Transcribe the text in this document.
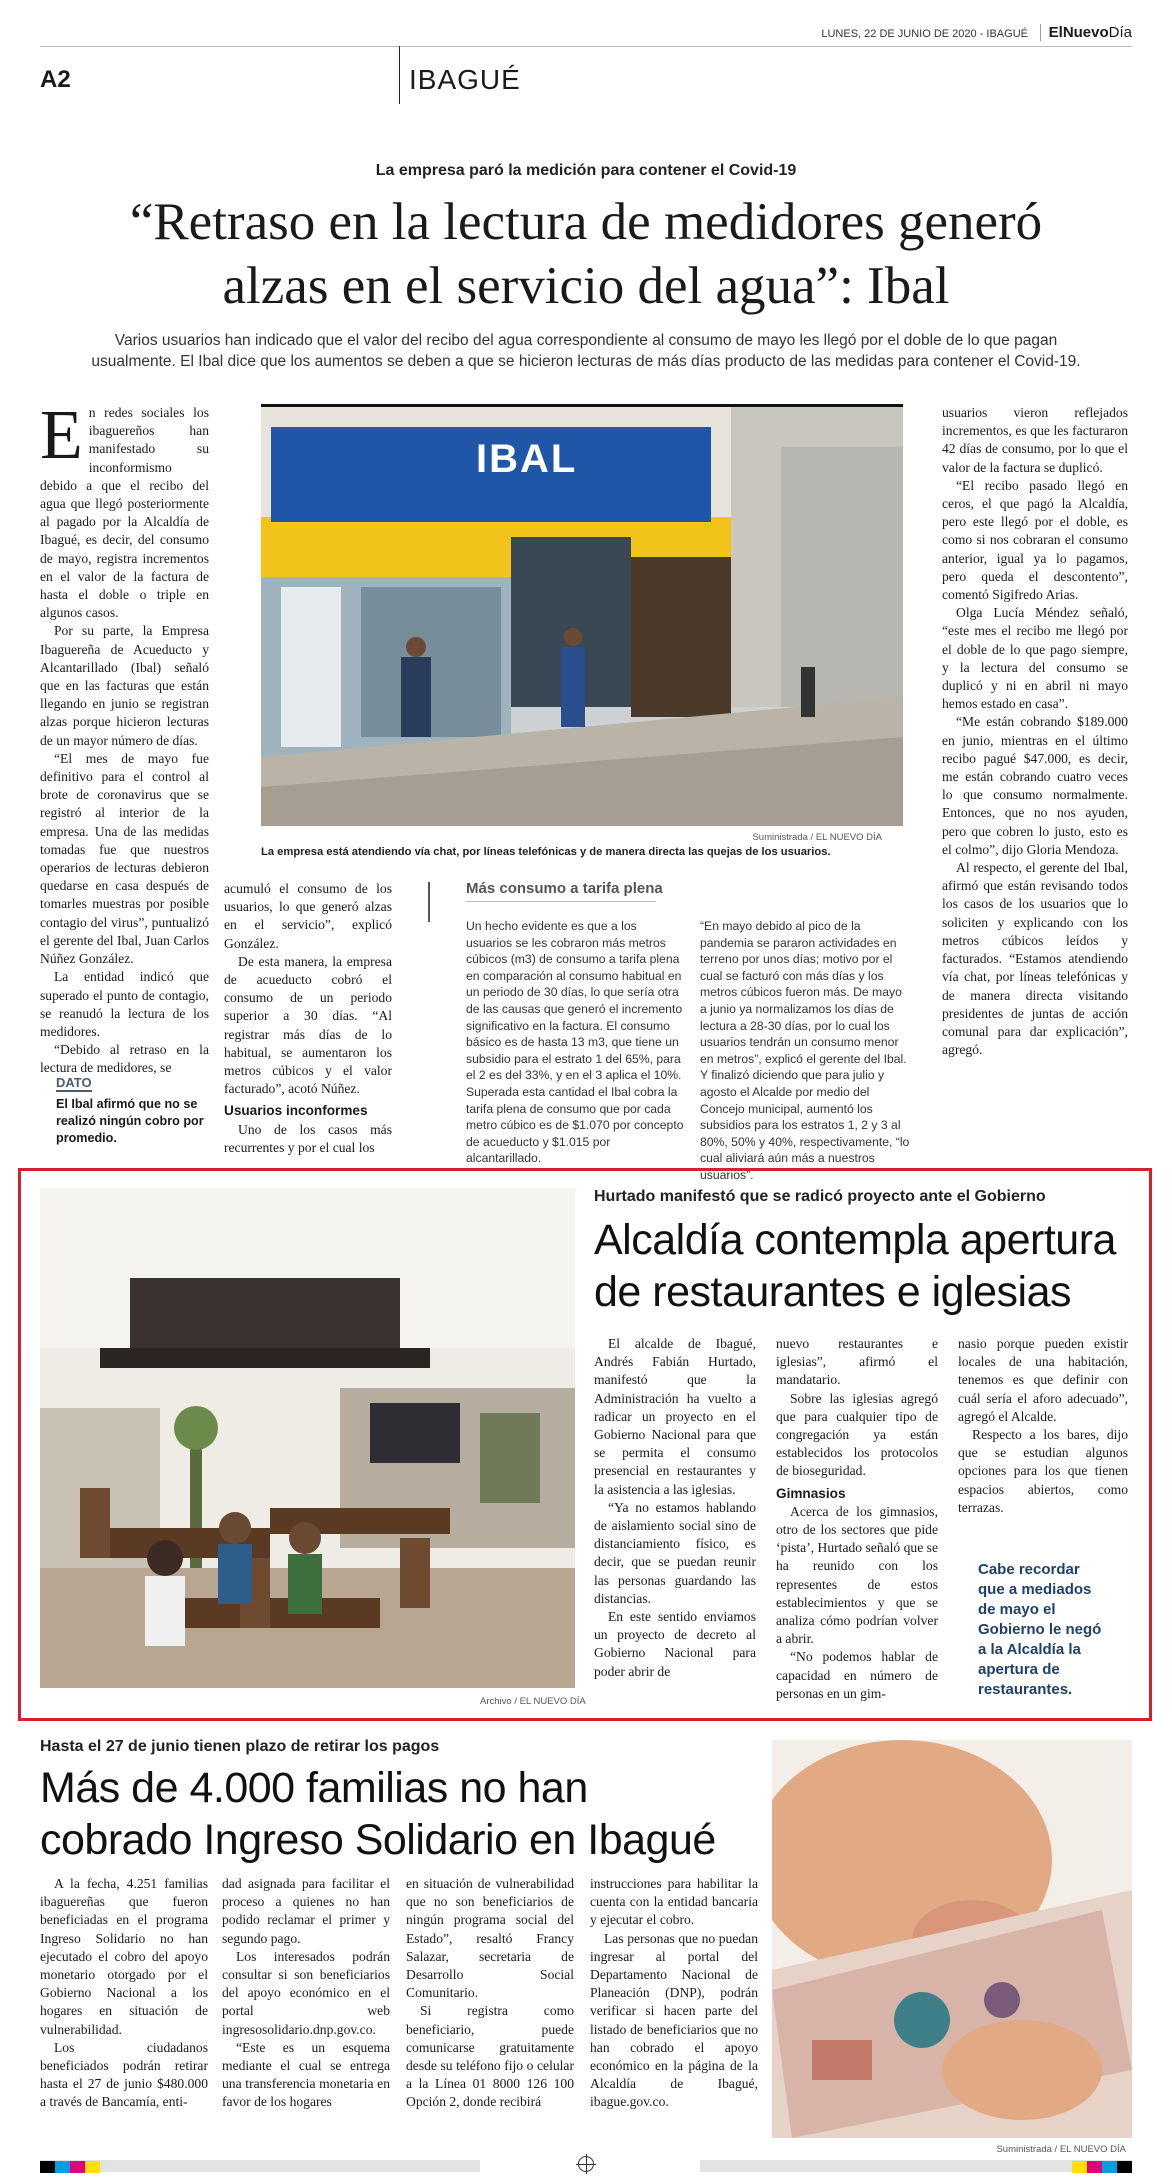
LUNES, 22 DE JUNIO DE 2020 - IBAGUÉ	ElNuevoDía
A2	IBAGUÉ
La empresa paró la medición para contener el Covid-19
“Retraso en la lectura de medidores generó
alzas en el servicio del agua”: Ibal
Varios usuarios han indicado que el valor del recibo del agua correspondiente al consumo de mayo les llegó por el doble de lo que pagan usualmente. El Ibal dice que los aumentos se deben a que se hicieron lecturas de más días producto de las medidas para contener el Covid-19.

En redes sociales los ibaguereños han manifestado su inconformismo debido a que el recibo del agua que llegó posteriormente al pagado por la Alcaldía de Ibagué, es decir, del consumo de mayo, registra incrementos en el valor de la factura de hasta el doble o triple en algunos casos.

Por su parte, la Empresa Ibaguereña de Acueducto y Alcantarillado (Ibal) señaló que en las facturas que están llegando en junio se registran alzas porque hicieron lecturas de un mayor número de días.

“El mes de mayo fue definitivo para el control al brote de coronavirus que se registró al interior de la empresa. Una de las medidas tomadas fue que nuestros operarios de lecturas debieron quedarse en casa después de tomarles muestras por posible contagio del virus”, puntualizó el gerente del Ibal, Juan Carlos Núñez González.

La entidad indicó que superado el punto de contagio, se reanudó la lectura de los medidores.

“Debido al retraso en la lectura de medidores, se

DATO
El Ibal afirmó que no se realizó ningún cobro por promedio.
IBAL
Suministrada / EL NUEVO DÍA
La empresa está atendiendo vía chat, por líneas telefónicas y de manera directa las quejas de los usuarios.

acumuló el consumo de los usuarios, lo que generó alzas en el servicio”, explicó González.

De esta manera, la empresa de acueducto cobró el consumo de un periodo superior a 30 días. “Al registrar más días de lo habitual, se aumentaron los metros cúbicos y el valor facturado”, acotó Núñez.

Usuarios inconformes

Uno de los casos más recurrentes y por el cual los

Más consumo a tarifa plena
Un hecho evidente es que a los usuarios se les cobraron más metros cúbicos (m3) de consumo a tarifa plena en comparación al consumo habitual en un periodo de 30 días, lo que sería otra de las causas que generó el incremento significativo en la factura. El consumo básico es de hasta 13 m3, que tiene un subsidio para el estrato 1 del 65%, para el 2 es del 33%, y en el 3 aplica el 10%. Superada esta cantidad el Ibal cobra la tarifa plena de consumo que por cada metro cúbico es de $1.070 por concepto de acueducto y $1.015 por alcantarillado.
“En mayo debido al pico de la pandemia se pararon actividades en terreno por unos días; motivo por el cual se facturó con más días y los metros cúbicos fueron más. De mayo a junio ya normalizamos los días de lectura a 28-30 días, por lo cual los usuarios tendrán un consumo menor en metros”, explicó el gerente del Ibal. Y finalizó diciendo que para julio y agosto el Alcalde por medio del Concejo municipal, aumentó los subsidios para los estratos 1, 2 y 3 al 80%, 50% y 40%, respectivamente, “lo cual aliviará aún más a nuestros usuarios”.

usuarios vieron reflejados incrementos, es que les facturaron 42 días de consumo, por lo que el valor de la factura se duplicó.

“El recibo pasado llegó en ceros, el que pagó la Alcaldía, pero este llegó por el doble, es como si nos cobraran el consumo anterior, igual ya lo pagamos, pero queda el descontento”, comentó Sigifredo Arias.

Olga Lucía Méndez señaló, “este mes el recibo me llegó por el doble de lo que pago siempre, y la lectura del consumo se duplicó y ni en abril ni mayo hemos estado en casa”.

“Me están cobrando $189.000 en junio, mientras en el último recibo pagué $47.000, es decir, me están cobrando cuatro veces lo que consumo normalmente. Entonces, que no nos ayuden, pero que cobren lo justo, esto es el colmo”, dijo Gloria Mendoza.

Al respecto, el gerente del Ibal, afirmó que están revisando todos los casos de los usuarios que lo soliciten y explicando con los metros cúbicos leídos y facturados. “Estamos atendiendo vía chat, por líneas telefónicas y de manera directa visitando presidentes de juntas de acción comunal para dar explicación”, agregó.

Archivo / EL NUEVO DÍA
Hurtado manifestó que se radicó proyecto ante el Gobierno
Alcaldía contempla apertura
de restaurantes e iglesias

El alcalde de Ibagué, Andrés Fabián Hurtado, manifestó que la Administración ha vuelto a radicar un proyecto en el Gobierno Nacional para que se permita el consumo presencial en restaurantes y la asistencia a las iglesias.

“Ya no estamos hablando de aislamiento social sino de distanciamiento físico, es decir, que se puedan reunir las personas guardando las distancias.

En este sentido enviamos un proyecto de decreto al Gobierno Nacional para poder abrir de

nuevo restaurantes e iglesias”, afirmó el mandatario.

Sobre las iglesias agregó que para cualquier tipo de congregación ya están establecidos los protocolos de bioseguridad.

Gimnasios

Acerca de los gimnasios, otro de los sectores que pide ‘pista’, Hurtado señaló que se ha reunido con los representes de estos establecimientos y que se analiza cómo podrían volver a abrir.

“No podemos hablar de capacidad en número de personas en un gim-

nasio porque pueden existir locales de una habitación, tenemos es que definir con cuál sería el aforo adecuado”, agregó el Alcalde.

Respecto a los bares, dijo que se estudian algunos opciones para los que tienen espacios abiertos, como terrazas.

Cabe recordar que a mediados de mayo el Gobierno le negó a la Alcaldía la apertura de restaurantes.
Hasta el 27 de junio tienen plazo de retirar los pagos
Más de 4.000 familias no han
cobrado Ingreso Solidario en Ibagué

A la fecha, 4.251 familias ibaguereñas que fueron beneficiadas en el programa Ingreso Solidario no han ejecutado el cobro del apoyo monetario otorgado por el Gobierno Nacional a los hogares en situación de vulnerabilidad.

Los ciudadanos beneficiados podrán retirar hasta el 27 de junio $480.000 a través de Bancamía, enti-

dad asignada para facilitar el proceso a quienes no han podido reclamar el primer y segundo pago.

Los interesados podrán consultar si son beneficiarios del apoyo económico en el portal web ingresosolidario.dnp.gov.co.

“Este es un esquema mediante el cual se entrega una transferencia monetaria en favor de los hogares

en situación de vulnerabilidad que no son beneficiarios de ningún programa social del Estado”, resaltó Francy Salazar, secretaria de Desarrollo Social Comunitario.

Si registra como beneficiario, puede comunicarse gratuitamente desde su teléfono fijo o celular a la Línea 01 8000 126 100 Opción 2, donde recibirá

instrucciones para habilitar la cuenta con la entidad bancaria y ejecutar el cobro.

Las personas que no puedan ingresar al portal del Departamento Nacional de Planeación (DNP), podrán verificar si hacen parte del listado de beneficiarios que no han cobrado el apoyo económico en la página de la Alcaldía de Ibagué, ibague.gov.co.

Suministrada / EL NUEVO DÍA
